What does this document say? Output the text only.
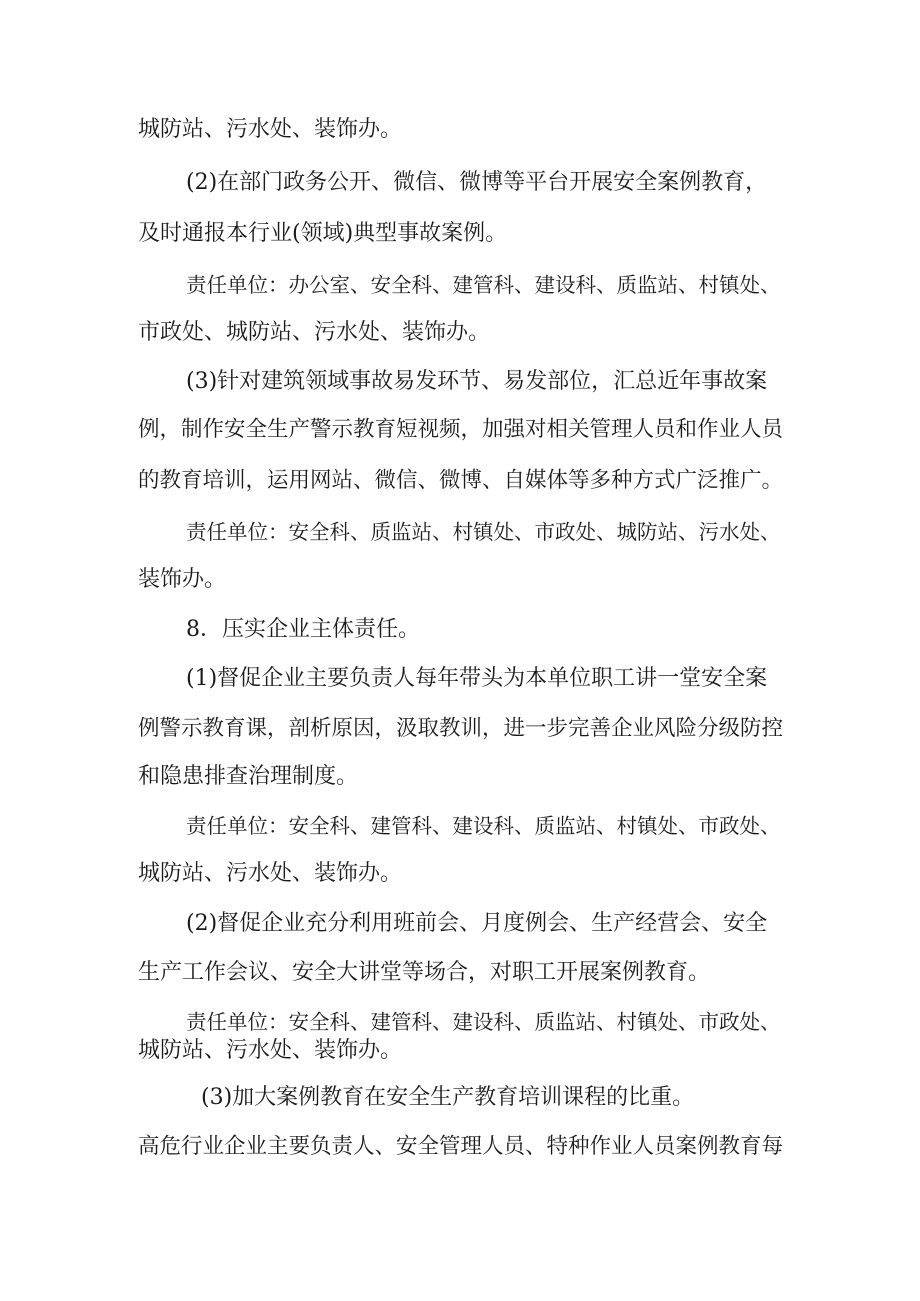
城防站、污水处、装饰办。
(2)在部门政务公开、微信、微博等平台开展安全案例教育，
及时通报本行业(领域)典型事故案例。
责任单位：办公室、安全科、建管科、建设科、质监站、村镇处、
市政处、城防站、污水处、装饰办。
(3)针对建筑领域事故易发环节、易发部位，汇总近年事故案
例，制作安全生产警示教育短视频，加强对相关管理人员和作业人员
的教育培训，运用网站、微信、微博、自媒体等多种方式广泛推广。
责任单位：安全科、质监站、村镇处、市政处、城防站、污水处、
装饰办。
8．压实企业主体责任。
(1)督促企业主要负责人每年带头为本单位职工讲一堂安全案
例警示教育课，剖析原因，汲取教训，进一步完善企业风险分级防控
和隐患排查治理制度。
责任单位：安全科、建管科、建设科、质监站、村镇处、市政处、
城防站、污水处、装饰办。
(2)督促企业充分利用班前会、月度例会、生产经营会、安全
生产工作会议、安全大讲堂等场合，对职工开展案例教育。
责任单位：安全科、建管科、建设科、质监站、村镇处、市政处、
城防站、污水处、装饰办。
(3)加大案例教育在安全生产教育培训课程的比重。
高危行业企业主要负责人、安全管理人员、特种作业人员案例教育每
